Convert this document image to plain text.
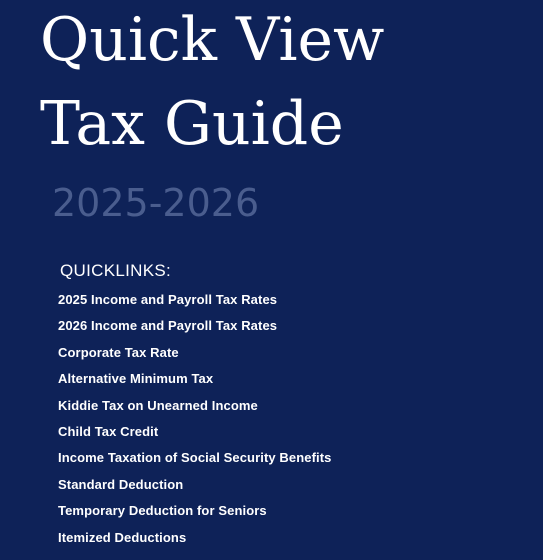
Quick View
Tax Guide
2025-2026
QUICKLINKS:
2025 Income and Payroll Tax Rates
2026 Income and Payroll Tax Rates
Corporate Tax Rate
Alternative Minimum Tax
Kiddie Tax on Unearned Income
Child Tax Credit
Income Taxation of Social Security Benefits
Standard Deduction
Temporary Deduction for Seniors
Itemized Deductions
